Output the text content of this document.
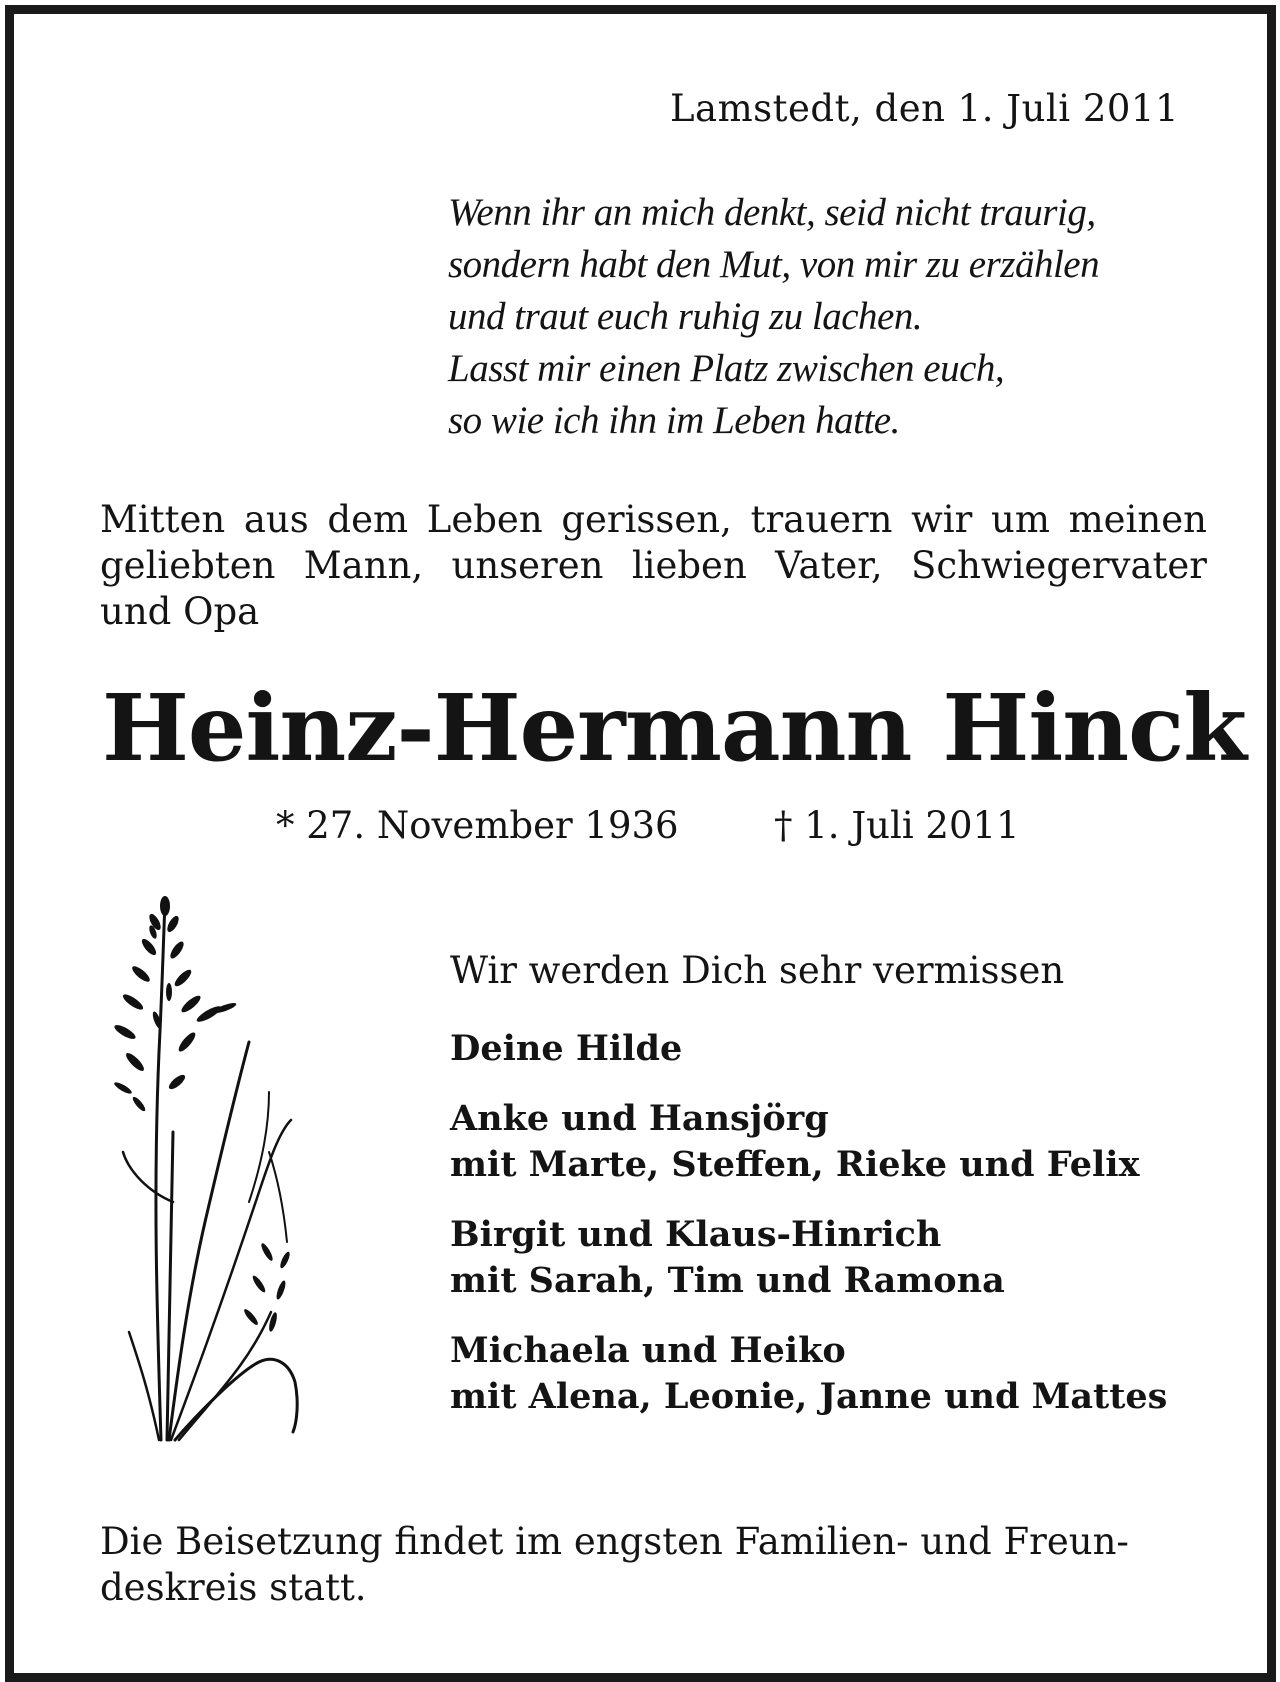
Lamstedt, den 1. Juli 2011
Wenn ihr an mich denkt, seid nicht traurig,
sondern habt den Mut, von mir zu erzählen
und traut euch ruhig zu lachen.
Lasst mir einen Platz zwischen euch,
so wie ich ihn im Leben hatte.
Mitten aus dem Leben gerissen, trauern wir um meinen
geliebten Mann, unseren lieben Vater, Schwiegervater
und Opa
Heinz-Hermann Hinck
* 27. November 1936	† 1. Juli 2011
Wir werden Dich sehr vermissen
Deine Hilde
Anke und Hansjörg
mit Marte, Steffen, Rieke und Felix
Birgit und Klaus-Hinrich
mit Sarah, Tim und Ramona
Michaela und Heiko
mit Alena, Leonie, Janne und Mattes
Die Beisetzung findet im engsten Familien- und Freun-
deskreis statt.
